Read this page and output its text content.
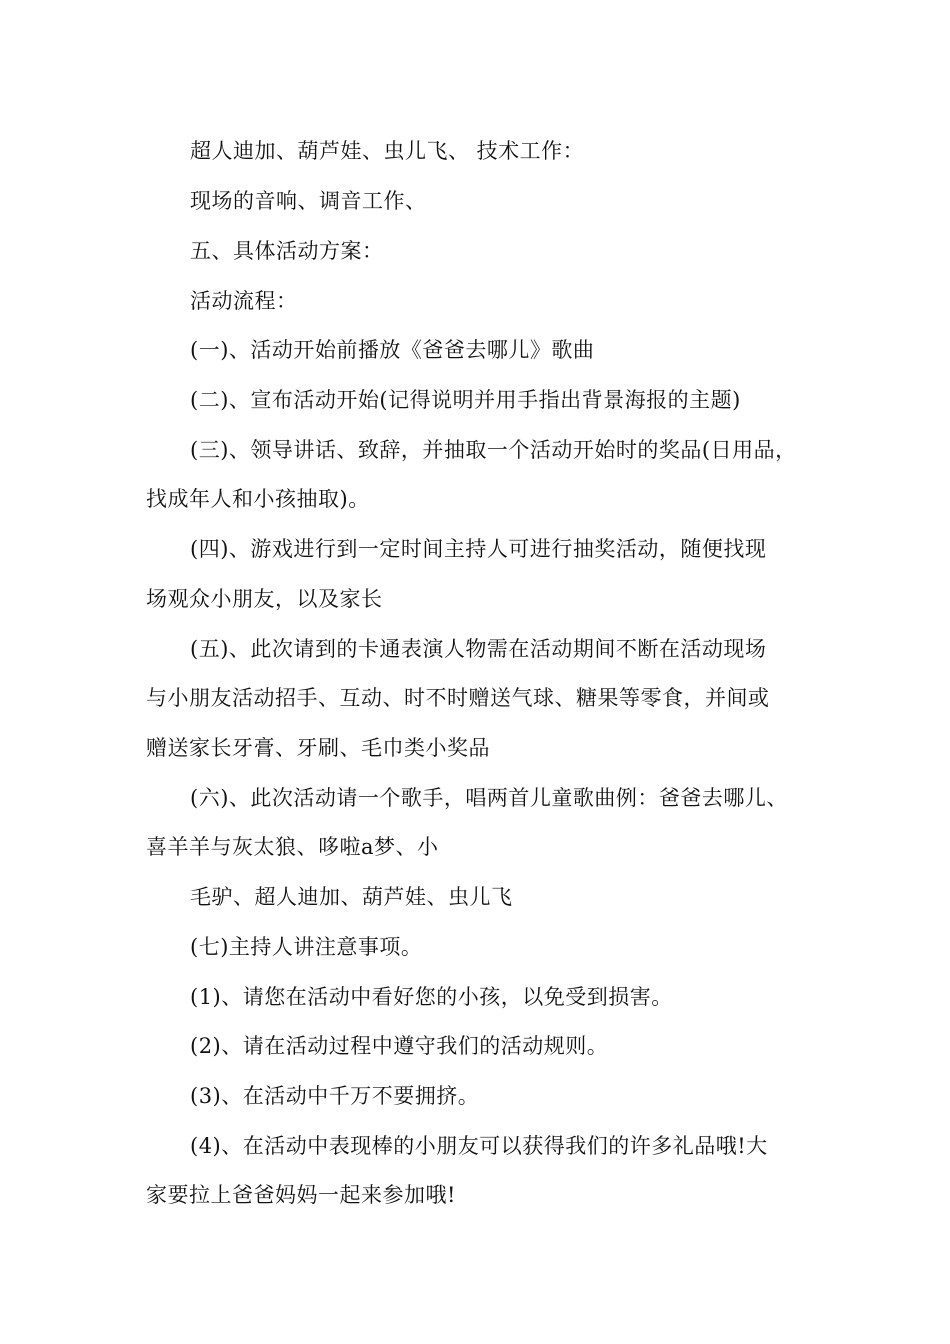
超人迪加、葫芦娃、虫儿飞、 技术工作：
现场的音响、调音工作、
五、具体活动方案：
活动流程：
(一)、活动开始前播放《爸爸去哪儿》歌曲
(二)、宣布活动开始(记得说明并用手指出背景海报的主题)
(三)、领导讲话、致辞，并抽取一个活动开始时的奖品(日用品，
找成年人和小孩抽取)。
(四)、游戏进行到一定时间主持人可进行抽奖活动，随便找现
场观众小朋友，以及家长
(五)、此次请到的卡通表演人物需在活动期间不断在活动现场
与小朋友活动招手、互动、时不时赠送气球、糖果等零食，并间或
赠送家长牙膏、牙刷、毛巾类小奖品
(六)、此次活动请一个歌手，唱两首儿童歌曲例：爸爸去哪儿、
喜羊羊与灰太狼、哆啦a梦、小
毛驴、超人迪加、葫芦娃、虫儿飞
(七)主持人讲注意事项。
(1)、请您在活动中看好您的小孩，以免受到损害。
(2)、请在活动过程中遵守我们的活动规则。
(3)、在活动中千万不要拥挤。
(4)、在活动中表现棒的小朋友可以获得我们的许多礼品哦!大
家要拉上爸爸妈妈一起来参加哦!
